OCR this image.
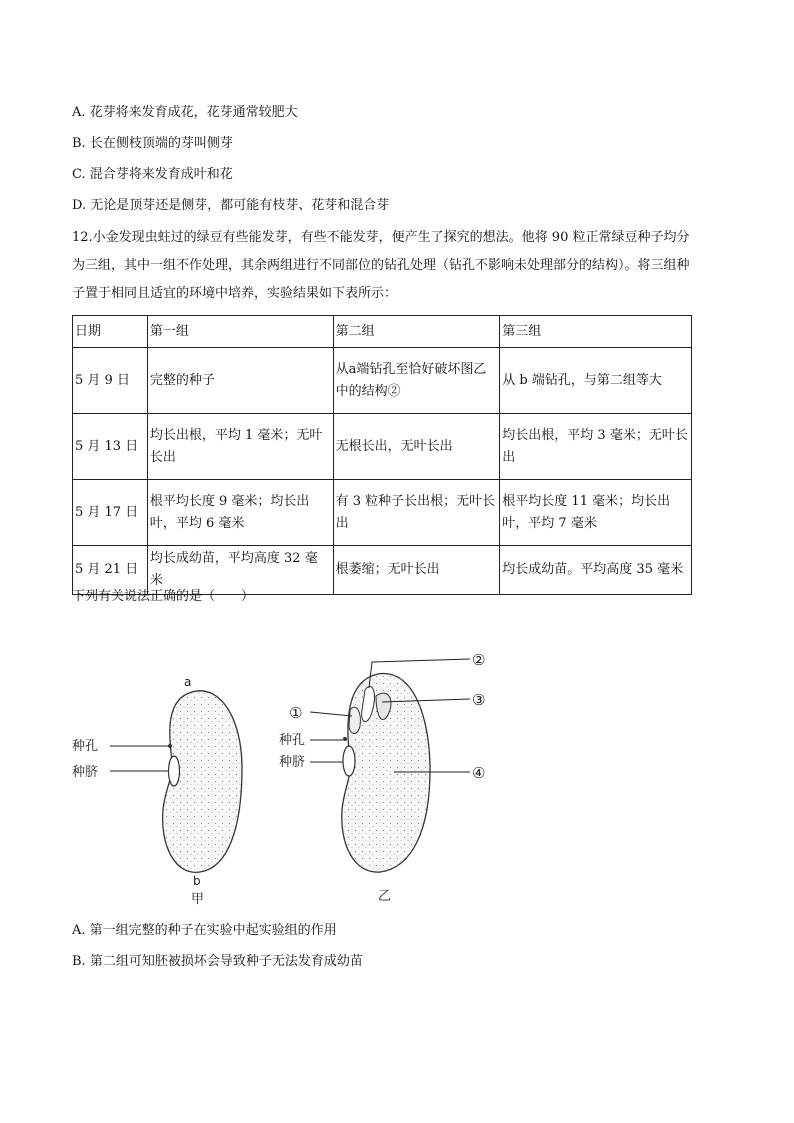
A. 花芽将来发育成花，花芽通常较肥大
B. 长在侧枝顶端的芽叫侧芽
C. 混合芽将来发育成叶和花
D. 无论是顶芽还是侧芽，都可能有枝芽、花芽和混合芽
12.小金发现虫蛀过的绿豆有些能发芽，有些不能发芽，便产生了探究的想法。他将 90 粒正常绿豆种子均分为三组，其中一组不作处理，其余两组进行不同部位的钻孔处理（钻孔不影响未处理部分的结构）。将三组种子置于相同且适宜的环境中培养，实验结果如下表所示：
日期	第一组	第二组	第三组
5 月 9 日	完整的种子	从a端钻孔至恰好破坏图乙中的结构②	从 b 端钻孔，与第二组等大
5 月 13 日	均长出根，平均 1 毫米；无叶长出	无根长出，无叶长出	均长出根，平均 3 毫米；无叶长出
5 月 17 日	根平均长度 9 毫米；均长出叶，平均 6 毫米	有 3 粒种子长出根；无叶长出	根平均长度 11 毫米；均长出叶，平均 7 毫米
5 月 21 日	均长成幼苗，平均高度 32 毫米	根萎缩；无叶长出	均长成幼苗。平均高度 35 毫米
下列有关说法正确的是（　　）
a
b
甲
种孔
种脐
①
②
③
④
种孔
种脐
乙
A. 第一组完整的种子在实验中起实验组的作用
B. 第二组可知胚被损坏会导致种子无法发育成幼苗
